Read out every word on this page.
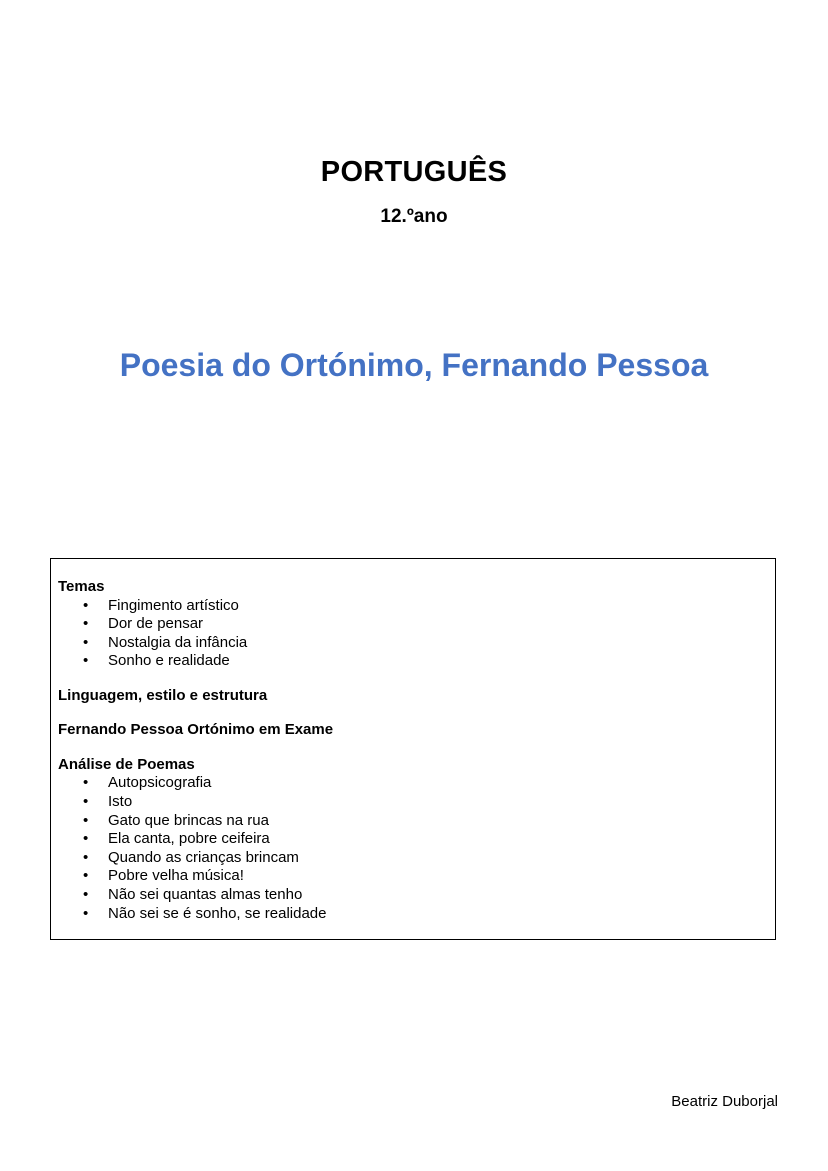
PORTUGUÊS

12.ºano

Poesia do Ortónimo, Fernando Pessoa

Temas

• Fingimento artístico
• Dor de pensar
• Nostalgia da infância
• Sonho e realidade

Linguagem, estilo e estrutura

Fernando Pessoa Ortónimo em Exame

Análise de Poemas

• Autopsicografia
• Isto
• Gato que brincas na rua
• Ela canta, pobre ceifeira
• Quando as crianças brincam
• Pobre velha música!
• Não sei quantas almas tenho
• Não sei se é sonho, se realidade

Beatriz Duborjal
